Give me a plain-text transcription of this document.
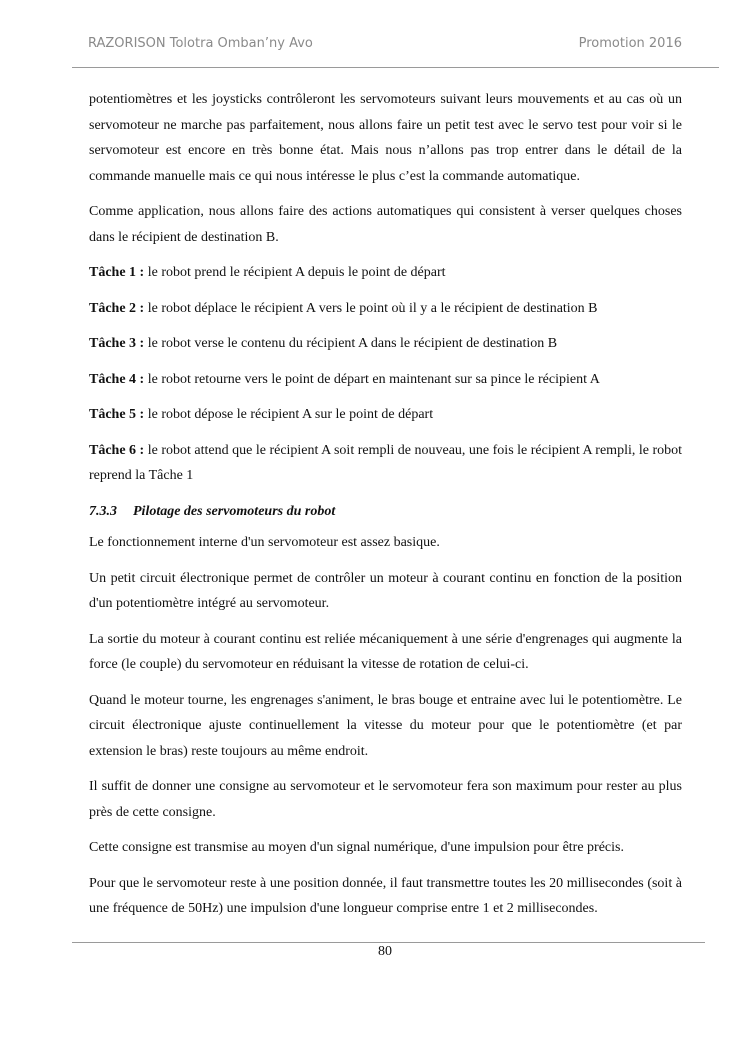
RAZORISON Tolotra Omban’ny Avo	Promotion 2016

potentiomètres et les joysticks contrôleront les servomoteurs suivant leurs mouvements et au cas où un servomoteur ne marche pas parfaitement, nous allons faire un petit test avec le servo test pour voir si le servomoteur est encore en très bonne état. Mais nous n’allons pas trop entrer dans le détail de la commande manuelle mais ce qui nous intéresse le plus c’est la commande automatique.

Comme application, nous allons faire des actions automatiques qui consistent à verser quelques choses dans le récipient de destination B.

Tâche 1 : le robot prend le récipient A depuis le point de départ

Tâche 2 : le robot déplace le récipient A vers le point où il y a le récipient de destination B

Tâche 3 : le robot verse le contenu du récipient A dans le récipient de destination B

Tâche 4 : le robot retourne vers le point de départ en maintenant sur sa pince le récipient A

Tâche 5 : le robot dépose le récipient A sur le point de départ

Tâche 6 : le robot attend que le récipient A soit rempli de nouveau, une fois le récipient A rempli, le robot reprend la Tâche 1

7.3.3 Pilotage des servomoteurs du robot

Le fonctionnement interne d'un servomoteur est assez basique.

Un petit circuit électronique permet de contrôler un moteur à courant continu en fonction de la position d'un potentiomètre intégré au servomoteur.

La sortie du moteur à courant continu est reliée mécaniquement à une série d'engrenages qui augmente la force (le couple) du servomoteur en réduisant la vitesse de rotation de celui-ci.

Quand le moteur tourne, les engrenages s'animent, le bras bouge et entraine avec lui le potentiomètre. Le circuit électronique ajuste continuellement la vitesse du moteur pour que le potentiomètre (et par extension le bras) reste toujours au même endroit.

Il suffit de donner une consigne au servomoteur et le servomoteur fera son maximum pour rester au plus près de cette consigne.

Cette consigne est transmise au moyen d'un signal numérique, d'une impulsion pour être précis.

Pour que le servomoteur reste à une position donnée, il faut transmettre toutes les 20 millisecondes (soit à une fréquence de 50Hz) une impulsion d'une longueur comprise entre 1 et 2 millisecondes.

80
